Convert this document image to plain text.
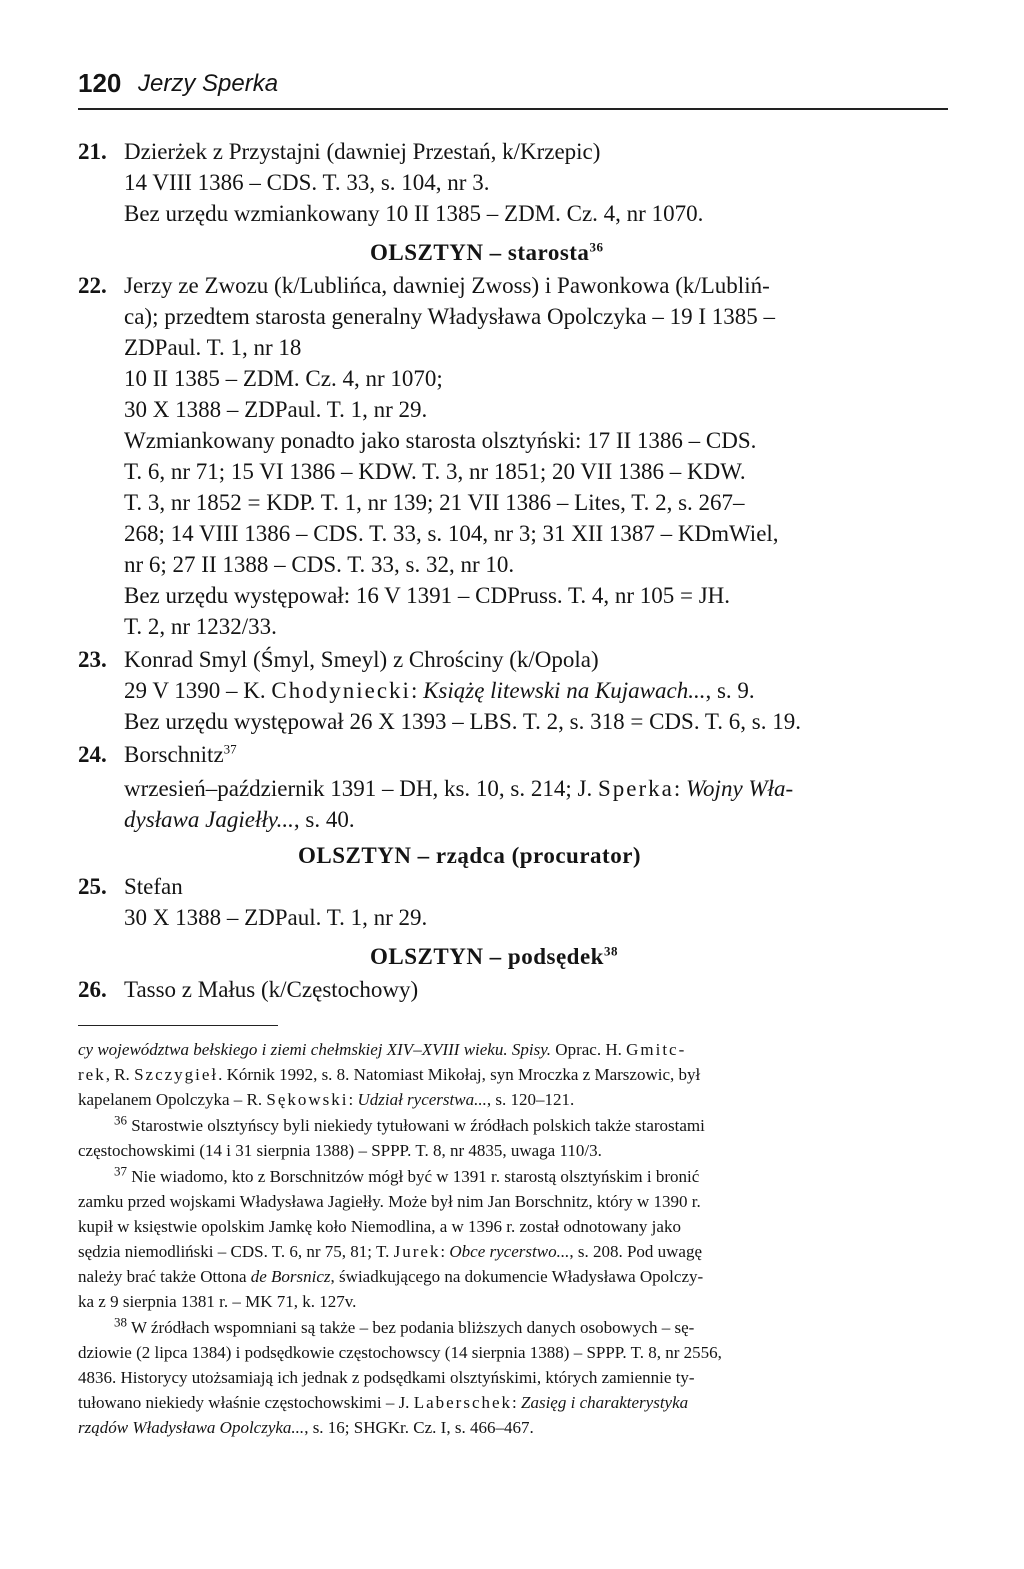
120 Jerzy Sperka
21. Dzierżek z Przystajni (dawniej Przestań, k/Krzepic)
14 VIII 1386 – CDS. T. 33, s. 104, nr 3.
Bez urzędu wzmiankowany 10 II 1385 – ZDM. Cz. 4, nr 1070.
OLSZTYN – starosta$^{36}$
22. Jerzy ze Zwozu (k/Lublińca, dawniej Zwoss) i Pawonkowa (k/Lubliń-
ca); przedtem starosta generalny Władysława Opolczyka – 19 I 1385 –
ZDPaul. T. 1, nr 18
10 II 1385 – ZDM. Cz. 4, nr 1070;
30 X 1388 – ZDPaul. T. 1, nr 29.
Wzmiankowany ponadto jako starosta olsztyński: 17 II 1386 – CDS.
T. 6, nr 71; 15 VI 1386 – KDW. T. 3, nr 1851; 20 VII 1386 – KDW.
T. 3, nr 1852 = KDP. T. 1, nr 139; 21 VII 1386 – Lites, T. 2, s. 267–
268; 14 VIII 1386 – CDS. T. 33, s. 104, nr 3; 31 XII 1387 – KDmWiel,
nr 6; 27 II 1388 – CDS. T. 33, s. 32, nr 10.
Bez urzędu występował: 16 V 1391 – CDPruss. T. 4, nr 105 = JH.
T. 2, nr 1232/33.
23. Konrad Smyl (Śmyl, Smeyl) z Chrościny (k/Opola)
29 V 1390 – K. Chodyniecki: Książę litewski na Kujawach..., s. 9.
Bez urzędu występował 26 X 1393 – LBS. T. 2, s. 318 = CDS. T. 6, s. 19.
24. Borschnitz$^{37}$
wrzesień–październik 1391 – DH, ks. 10, s. 214; J. Sperka: Wojny Wła-
dysława Jagiełły..., s. 40.
OLSZTYN – rządca (procurator)
25. Stefan
30 X 1388 – ZDPaul. T. 1, nr 29.
OLSZTYN – podsędek$^{38}$
26. Tasso z Małus (k/Częstochowy)
cy województwa bełskiego i ziemi chełmskiej XIV–XVIII wieku. Spisy. Oprac. H. Gmitc-
rek, R. Szczygieł. Kórnik 1992, s. 8. Natomiast Mikołaj, syn Mroczka z Marszowic, był
kapelanem Opolczyka – R. Sękowski: Udział rycerstwa..., s. 120–121.
$^{36}$ Starostwie olsztyńscy byli niekiedy tytułowani w źródłach polskich także starostami
częstochowskimi (14 i 31 sierpnia 1388) – SPPP. T. 8, nr 4835, uwaga 110/3.
$^{37}$ Nie wiadomo, kto z Borschnitzów mógł być w 1391 r. starostą olsztyńskim i bronić
zamku przed wojskami Władysława Jagiełły. Może był nim Jan Borschnitz, który w 1390 r.
kupił w księstwie opolskim Jamkę koło Niemodlina, a w 1396 r. został odnotowany jako
sędzia niemodliński – CDS. T. 6, nr 75, 81; T. Jurek: Obce rycerstwo..., s. 208. Pod uwagę
należy brać także Ottona de Borsnicz, świadkującego na dokumencie Władysława Opolczy-
ka z 9 sierpnia 1381 r. – MK 71, k. 127v.
$^{38}$ W źródłach wspomniani są także – bez podania bliższych danych osobowych – sę-
dziowie (2 lipca 1384) i podsędkowie częstochowscy (14 sierpnia 1388) – SPPP. T. 8, nr 2556,
4836. Historycy utożsamiają ich jednak z podsędkami olsztyńskimi, których zamiennie ty-
tułowano niekiedy właśnie częstochowskimi – J. Laberschek: Zasięg i charakterystyka
rządów Władysława Opolczyka..., s. 16; SHGKr. Cz. I, s. 466–467.
